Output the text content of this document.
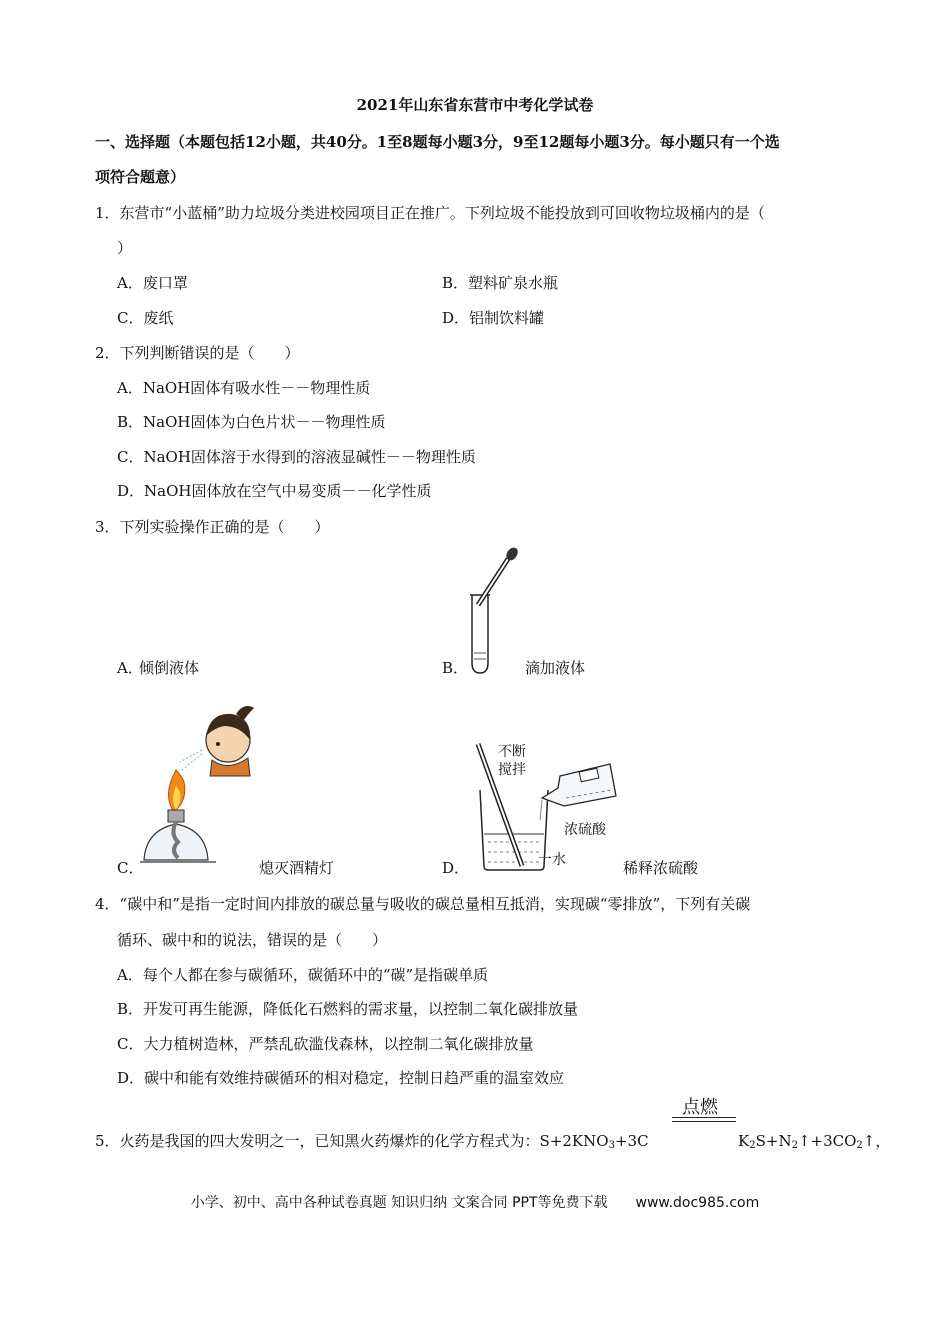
2021年山东省东营市中考化学试卷
一、选择题（本题包括12小题，共40分。1至8题每小题3分，9至12题每小题3分。每小题只有一个选
项符合题意）
1．东营市“小蓝桶”助力垃圾分类进校园项目正在推广。下列垃圾不能投放到可回收物垃圾桶内的是（
）
A．废口罩	B．塑料矿泉水瓶
C．废纸	D．铝制饮料罐
2．下列判断错误的是（　　）
A．NaOH固体有吸水性－－物理性质
B．NaOH固体为白色片状－－物理性质
C．NaOH固体溶于水得到的溶液显碱性－－物理性质
D．NaOH固体放在空气中易变质－－化学性质
3．下列实验操作正确的是（　　）
A．
倾倒液体	B．	滴加液体
C．	熄灭酒精灯
不断
搅拌
浓硫酸
一水
D．	稀释浓硫酸
4．“碳中和”是指一定时间内排放的碳总量与吸收的碳总量相互抵消，实现碳“零排放”，下列有关碳
循环、碳中和的说法，错误的是（　　）
A．每个人都在参与碳循环，碳循环中的“碳”是指碳单质
B．开发可再生能源，降低化石燃料的需求量，以控制二氧化碳排放量
C．大力植树造林，严禁乱砍滥伐森林，以控制二氧化碳排放量
D．碳中和能有效维持碳循环的相对稳定，控制日趋严重的温室效应
点燃
5．火药是我国的四大发明之一，已知黑火药爆炸的化学方程式为：$S+2KNO_3+3C$	$K_2S+N_2↑+3CO_2↑$，
小学、初中、高中各种试卷真题 知识归纳 文案合同 PPT等免费下载　　www.doc985.com
